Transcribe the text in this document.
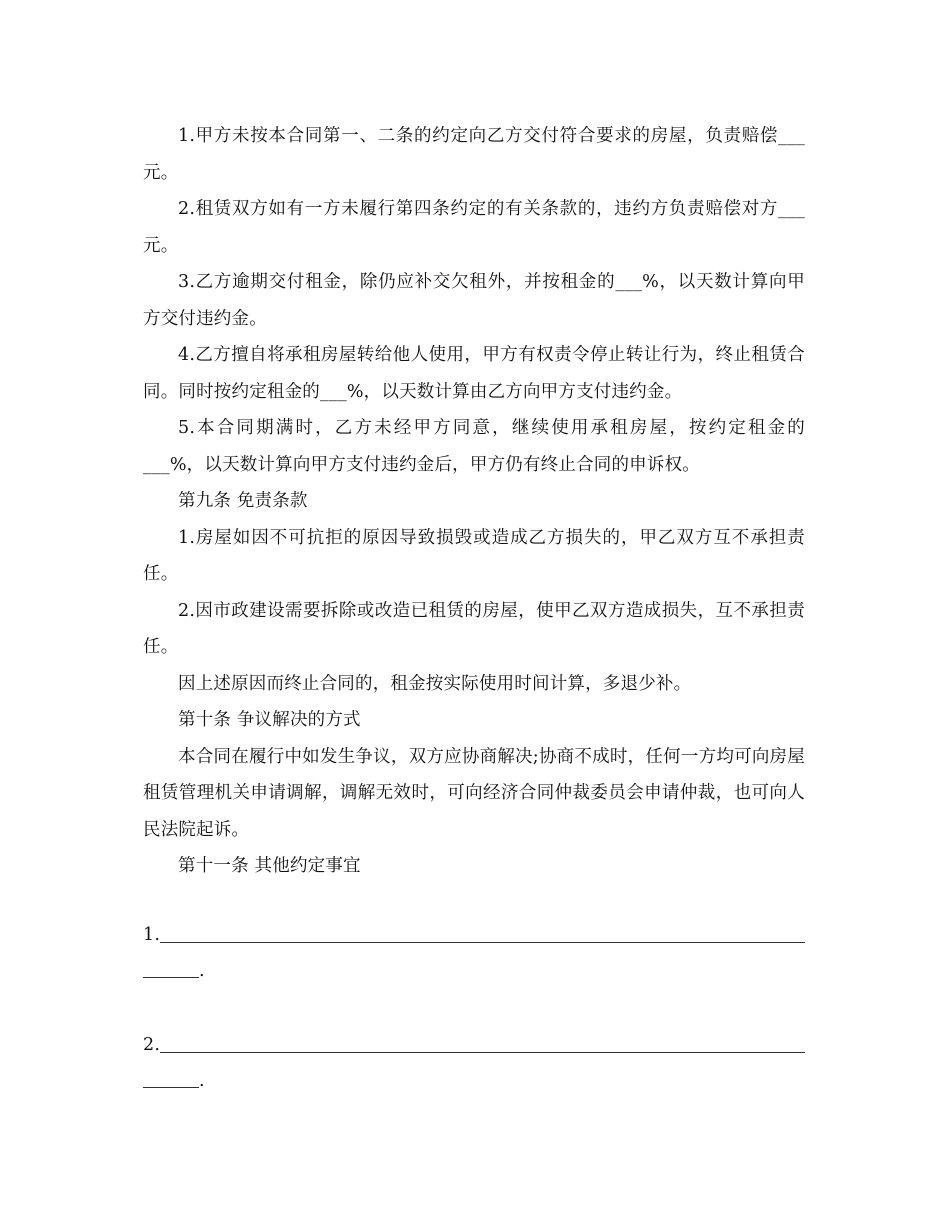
1.甲方未按本合同第一、二条的约定向乙方交付符合要求的房屋，负责赔偿___元。

2.租赁双方如有一方未履行第四条约定的有关条款的，违约方负责赔偿对方___元。

3.乙方逾期交付租金，除仍应补交欠租外，并按租金的___%，以天数计算向甲方交付违约金。

4.乙方擅自将承租房屋转给他人使用，甲方有权责令停止转让行为，终止租赁合同。同时按约定租金的___%，以天数计算由乙方向甲方支付违约金。

5.本合同期满时，乙方未经甲方同意，继续使用承租房屋，按约定租金的___%，以天数计算向甲方支付违约金后，甲方仍有终止合同的申诉权。

第九条 免责条款

1.房屋如因不可抗拒的原因导致损毁或造成乙方损失的，甲乙双方互不承担责任。

2.因市政建设需要拆除或改造已租赁的房屋，使甲乙双方造成损失，互不承担责任。

因上述原因而终止合同的，租金按实际使用时间计算，多退少补。

第十条 争议解决的方式

本合同在履行中如发生争议，双方应协商解决;协商不成时，任何一方均可向房屋租赁管理机关申请调解，调解无效时，可向经济合同仲裁委员会申请仲裁，也可向人民法院起诉。

第十一条 其他约定事宜

1.
.
2.
.
